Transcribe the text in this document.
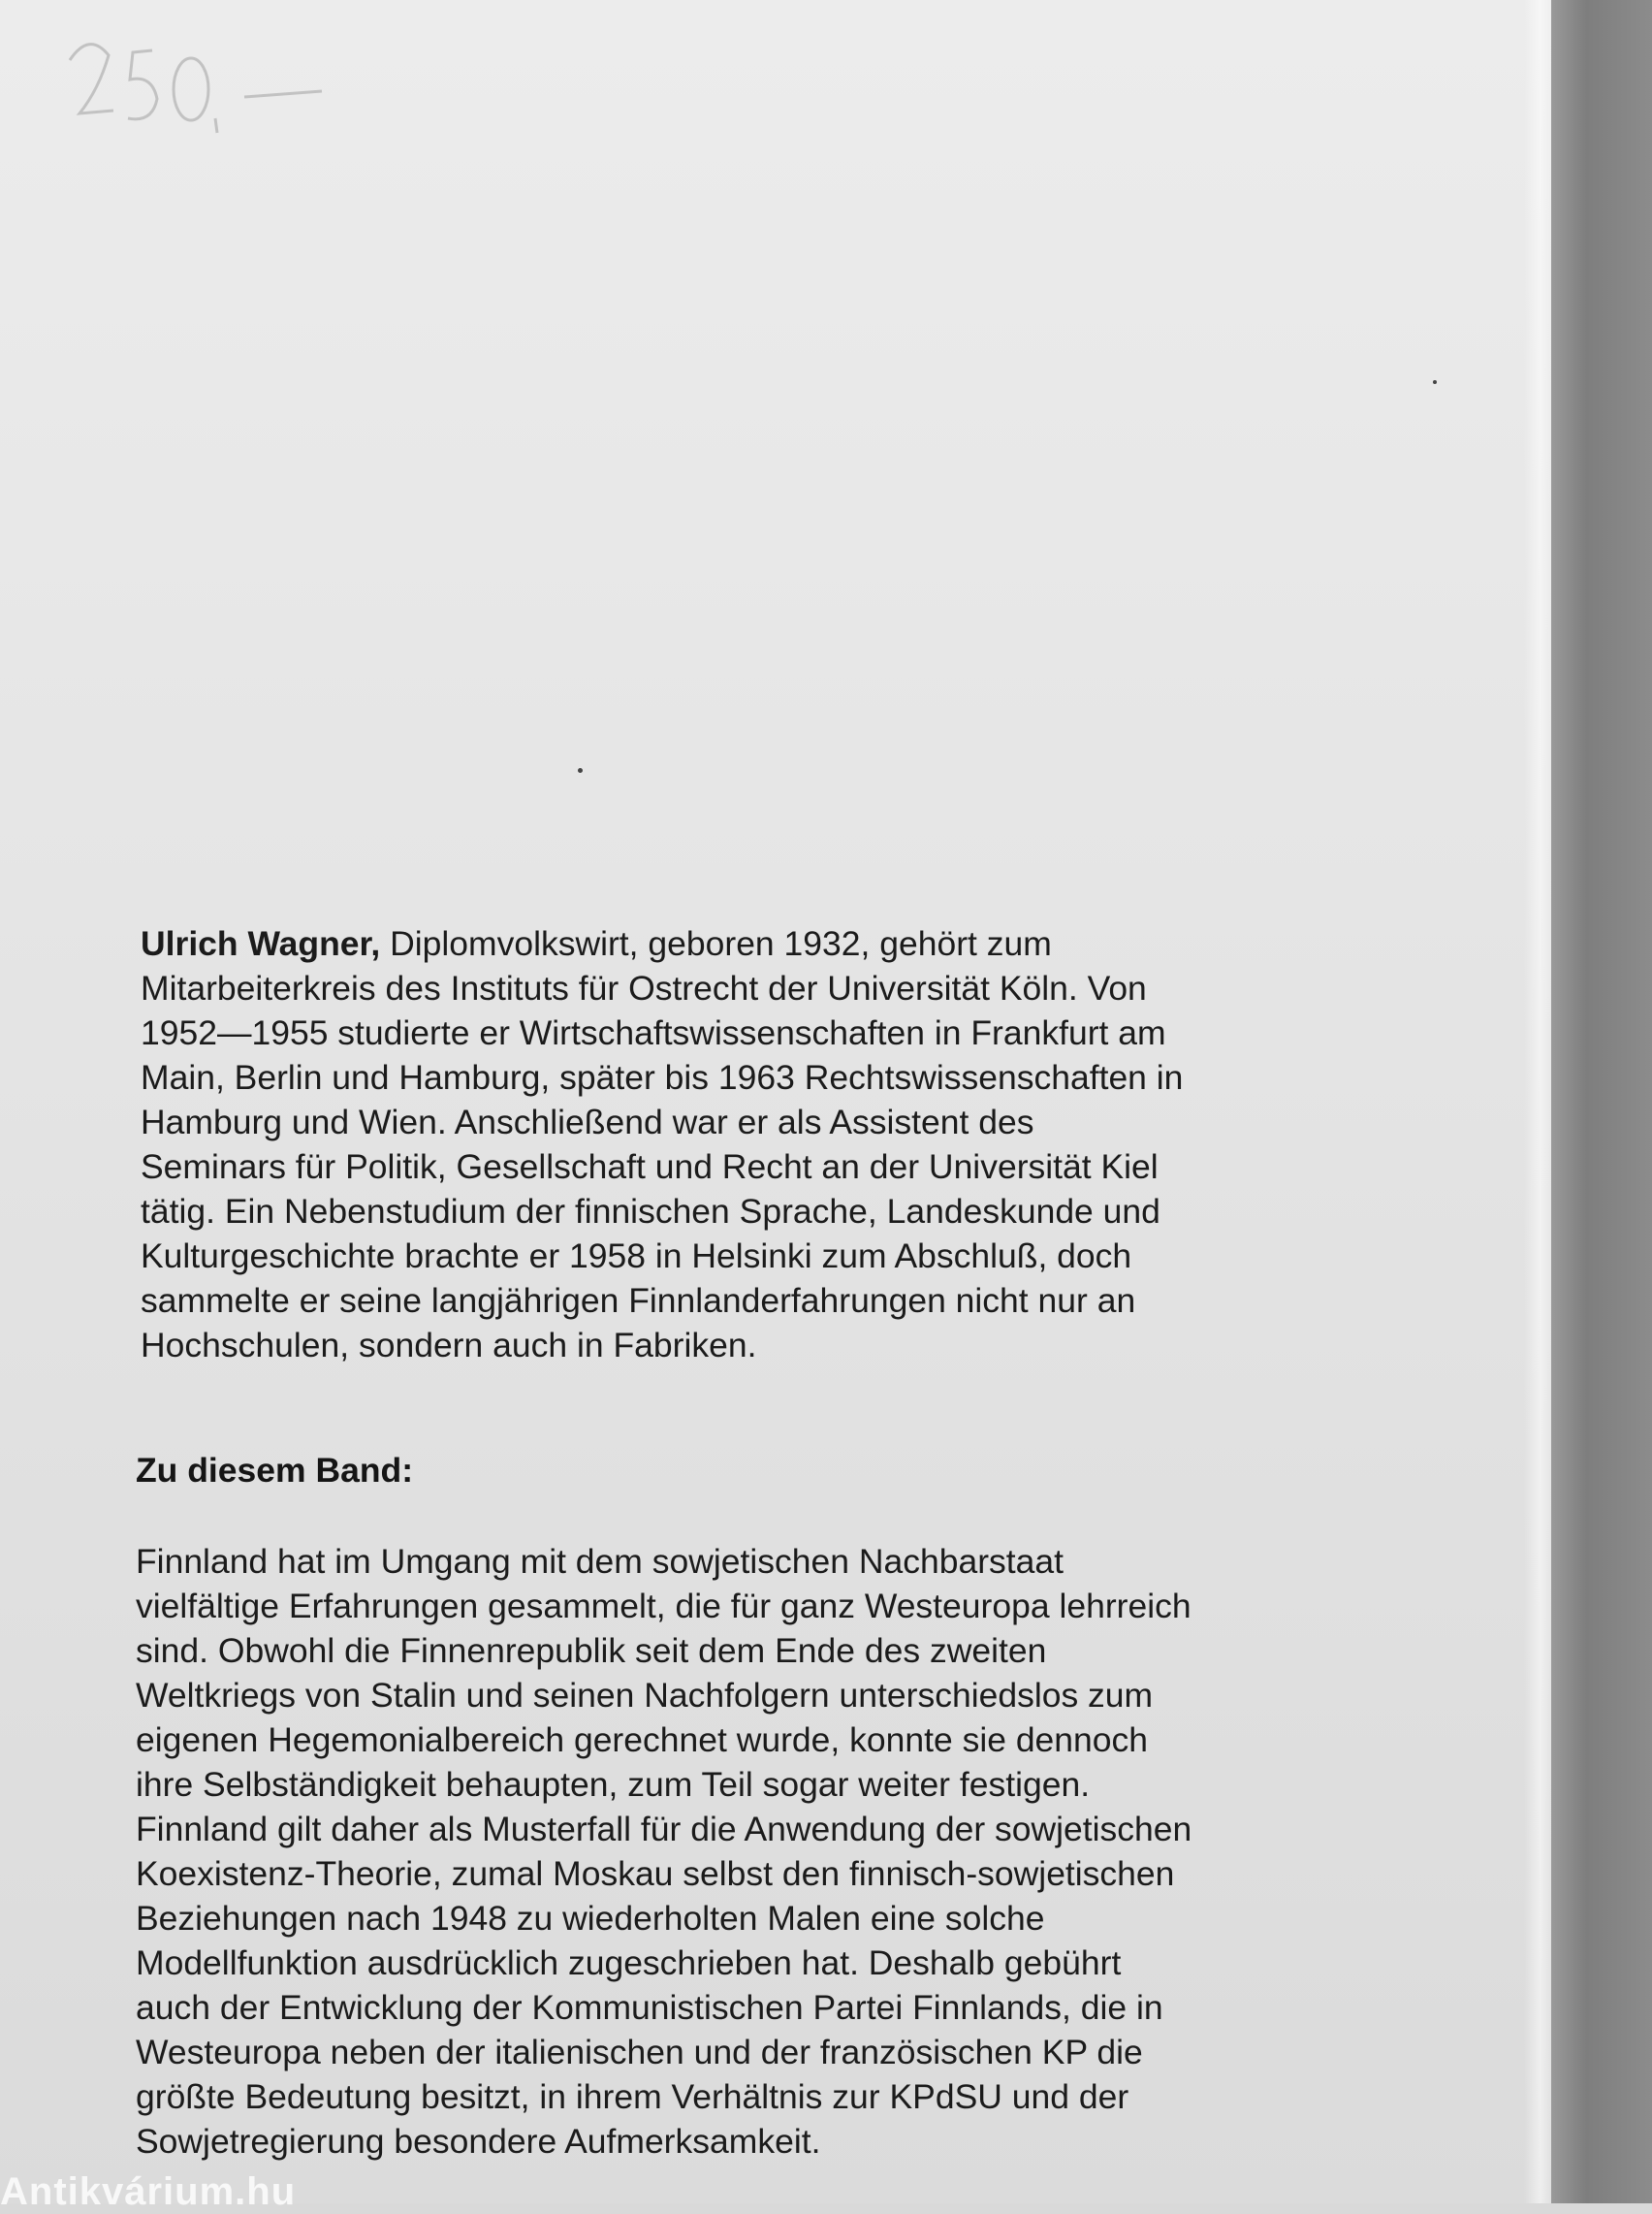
Ulrich Wagner, Diplomvolkswirt, geboren 1932, gehört zum
Mitarbeiterkreis des Instituts für Ostrecht der Universität Köln. Von
1952—1955 studierte er Wirtschaftswissenschaften in Frankfurt am
Main, Berlin und Hamburg, später bis 1963 Rechtswissenschaften in
Hamburg und Wien. Anschließend war er als Assistent des
Seminars für Politik, Gesellschaft und Recht an der Universität Kiel
tätig. Ein Nebenstudium der finnischen Sprache, Landeskunde und
Kulturgeschichte brachte er 1958 in Helsinki zum Abschluß, doch
sammelte er seine langjährigen Finnlanderfahrungen nicht nur an
Hochschulen, sondern auch in Fabriken.
Zu diesem Band:
Finnland hat im Umgang mit dem sowjetischen Nachbarstaat
vielfältige Erfahrungen gesammelt, die für ganz Westeuropa lehrreich
sind. Obwohl die Finnenrepublik seit dem Ende des zweiten
Weltkriegs von Stalin und seinen Nachfolgern unterschiedslos zum
eigenen Hegemonialbereich gerechnet wurde, konnte sie dennoch
ihre Selbständigkeit behaupten, zum Teil sogar weiter festigen.
Finnland gilt daher als Musterfall für die Anwendung der sowjetischen
Koexistenz-Theorie, zumal Moskau selbst den finnisch-sowjetischen
Beziehungen nach 1948 zu wiederholten Malen eine solche
Modellfunktion ausdrücklich zugeschrieben hat. Deshalb gebührt
auch der Entwicklung der Kommunistischen Partei Finnlands, die in
Westeuropa neben der italienischen und der französischen KP die
größte Bedeutung besitzt, in ihrem Verhältnis zur KPdSU und der
Sowjetregierung besondere Aufmerksamkeit.
Antikvárium.hu
